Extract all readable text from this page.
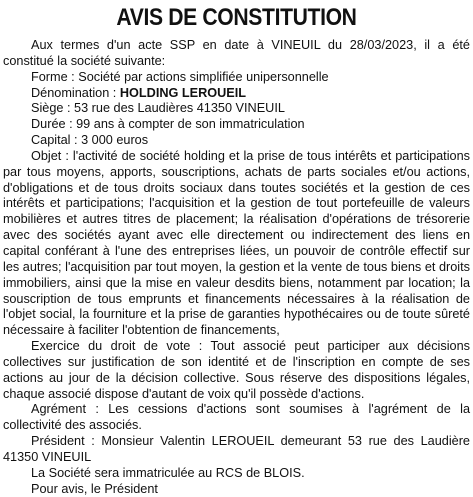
AVIS DE CONSTITUTION

Aux termes d'un acte SSP en date à VINEUIL du 28/03/2023, il a été constitué la société suivante:

Forme : Société par actions simplifiée unipersonnelle

Dénomination : HOLDING LEROUEIL

Siège : 53 rue des Laudières 41350 VINEUIL

Durée : 99 ans à compter de son immatriculation

Capital : 3 000 euros

Objet : l'activité de société holding et la prise de tous intérêts et participations par tous moyens, apports, souscriptions, achats de parts sociales et/ou actions, d'obligations et de tous droits sociaux dans toutes sociétés et la gestion de ces intérêts et participations; l'acquisition et la gestion de tout portefeuille de valeurs mobilières et autres titres de placement; la réalisation d'opérations de trésorerie avec des sociétés ayant avec elle directement ou indirectement des liens en capital conférant à l'une des entreprises liées, un pouvoir de contrôle effectif sur les autres; l'acquisition par tout moyen, la gestion et la vente de tous biens et droits immobiliers, ainsi que la mise en valeur desdits biens, notamment par location; la souscription de tous emprunts et financements nécessaires à la réalisation de l'objet social, la fourniture et la prise de garanties hypothécaires ou de toute sûreté nécessaire à faciliter l'obtention de financements,

Exercice du droit de vote : Tout associé peut participer aux décisions collectives sur justification de son identité et de l'inscription en compte de ses actions au jour de la décision collective. Sous réserve des dispositions légales, chaque associé dispose d'autant de voix qu'il possède d'actions.

Agrément : Les cessions d'actions sont soumises à l'agrément de la collectivité des associés.

Président : Monsieur Valentin LEROUEIL demeurant 53 rue des Laudière 41350 VINEUIL

La Société sera immatriculée au RCS de BLOIS.

Pour avis, le Président
